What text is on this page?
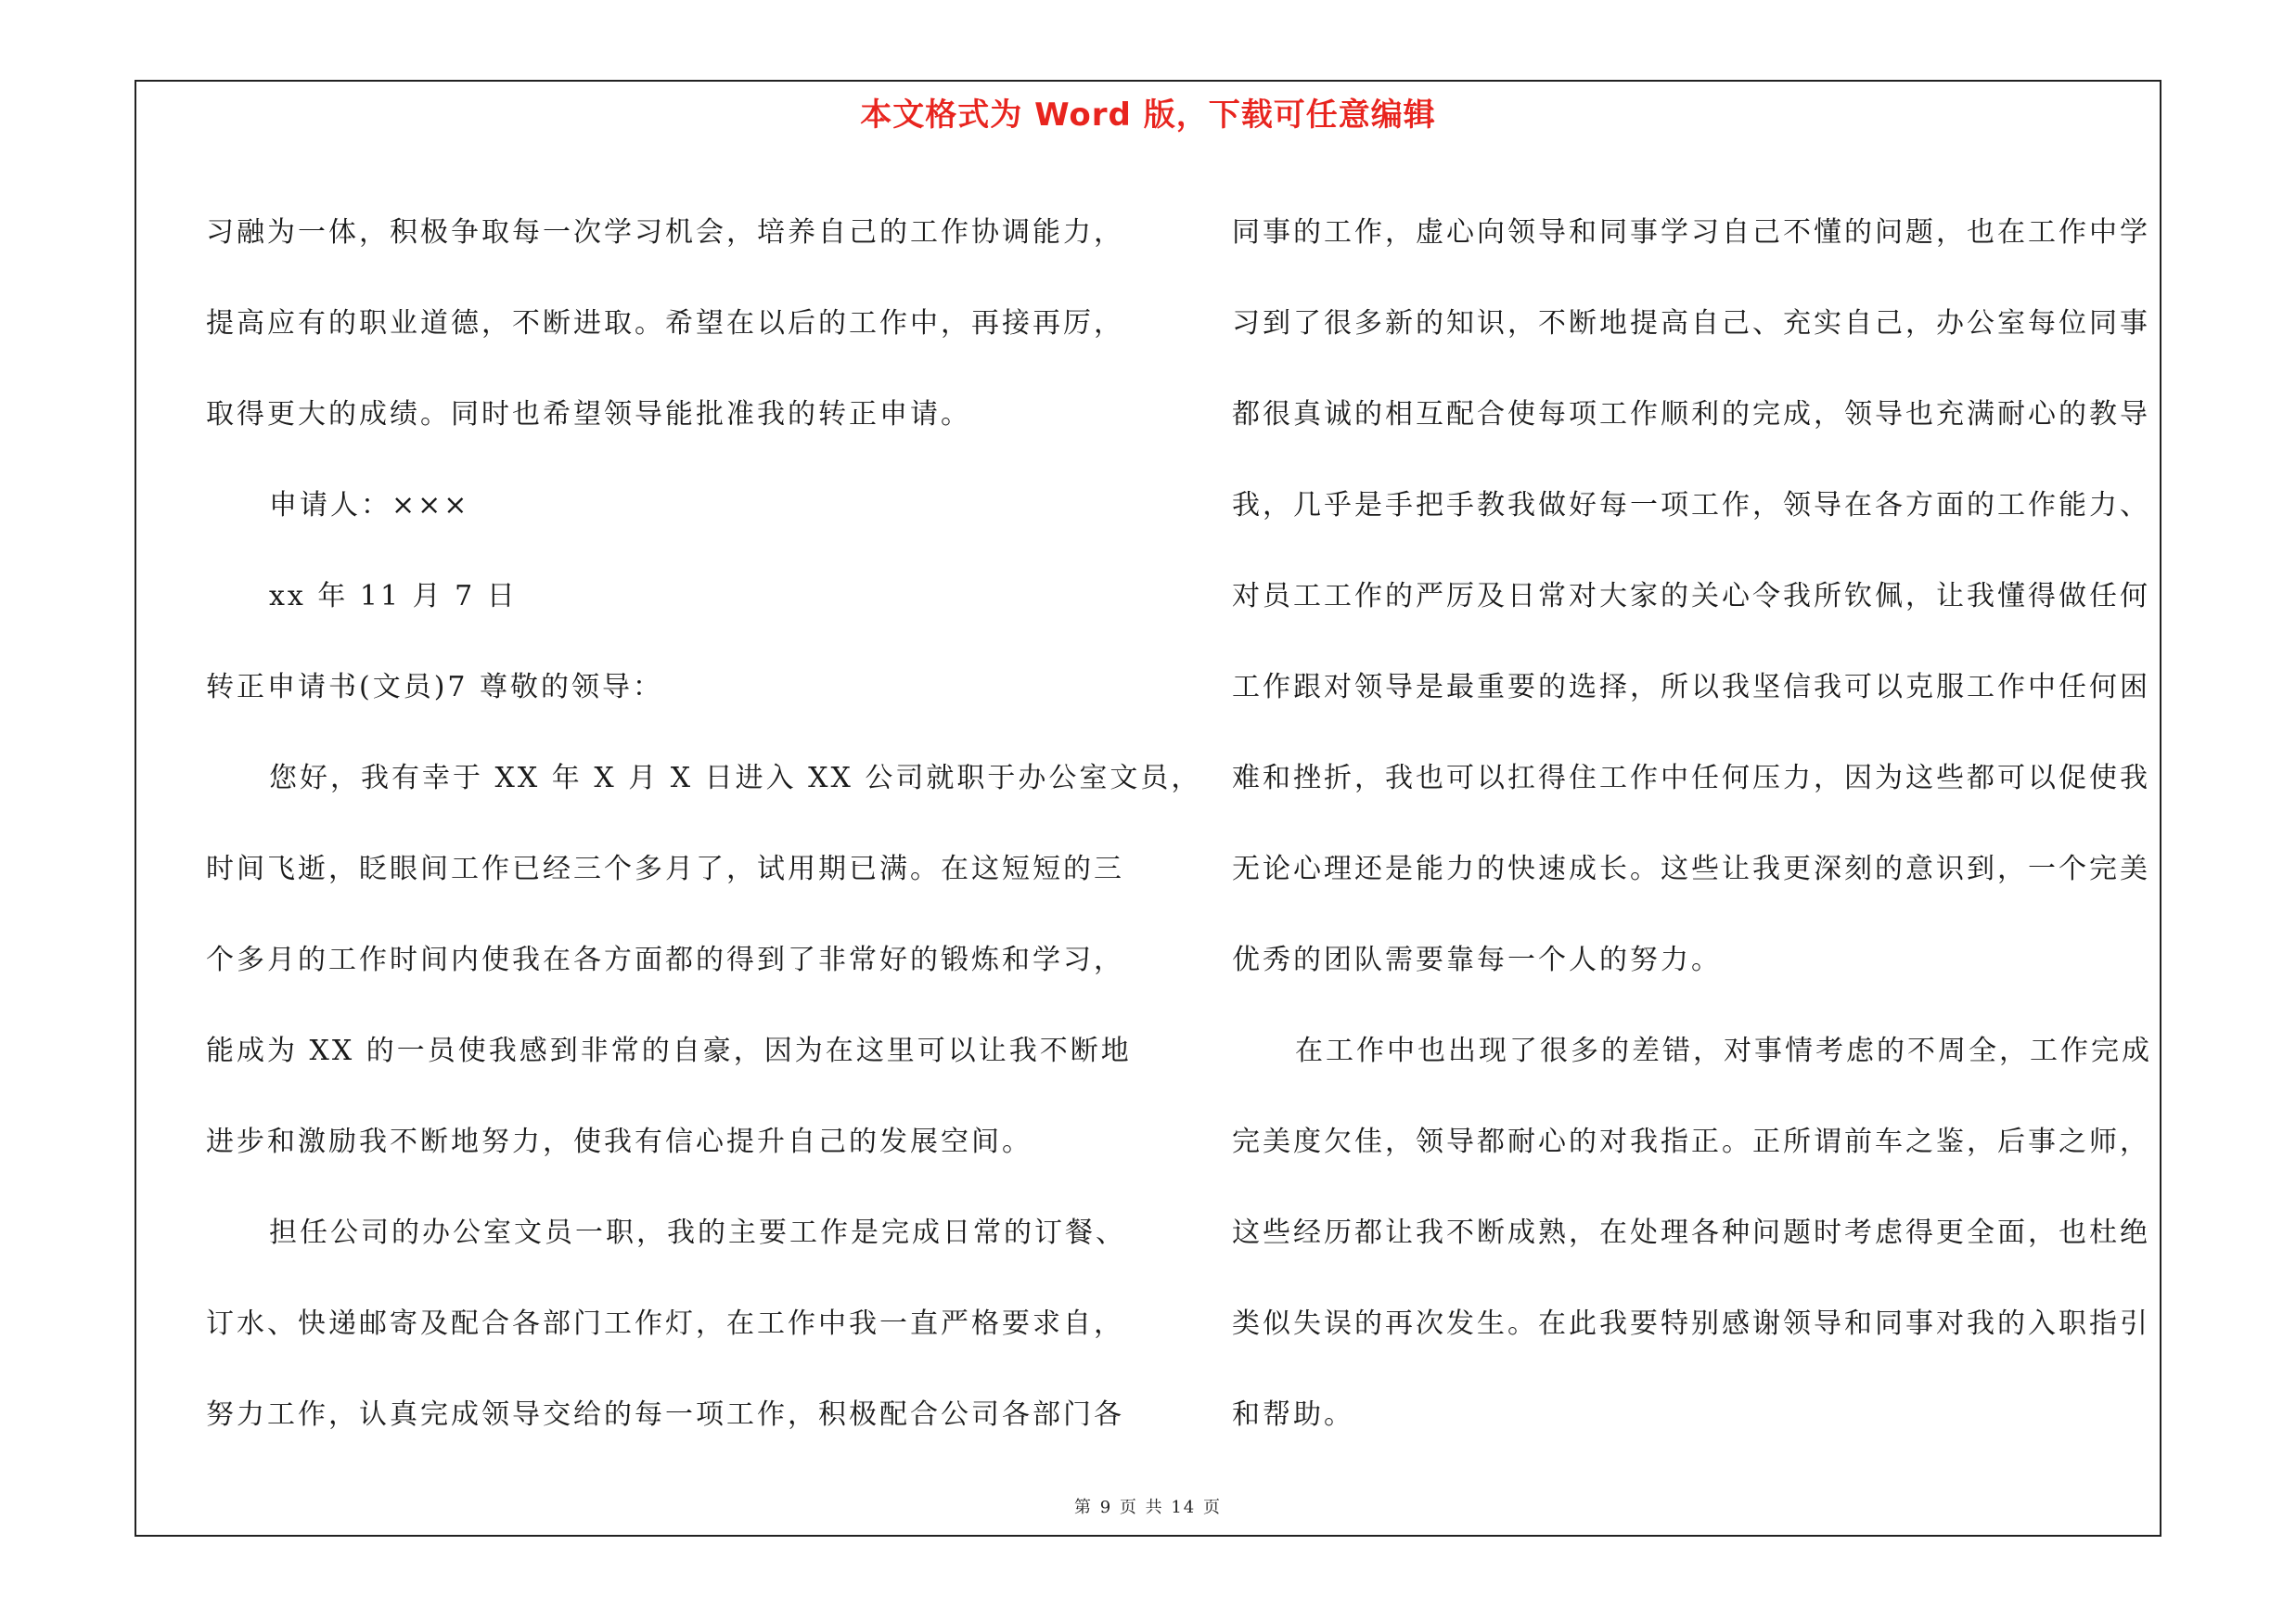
本文格式为 Word 版，下载可任意编辑
习融为一体，积极争取每一次学习机会，培养自己的工作协调能力，
提高应有的职业道德，不断进取。希望在以后的工作中，再接再厉，
取得更大的成绩。同时也希望领导能批准我的转正申请。
申请人：×××
xx 年 11 月 7 日
转正申请书(文员)7 尊敬的领导：
您好，我有幸于 XX 年 X 月 X 日进入 XX 公司就职于办公室文员，
时间飞逝，眨眼间工作已经三个多月了，试用期已满。在这短短的三
个多月的工作时间内使我在各方面都的得到了非常好的锻炼和学习，
能成为 XX 的一员使我感到非常的自豪，因为在这里可以让我不断地
进步和激励我不断地努力，使我有信心提升自己的发展空间。
担任公司的办公室文员一职，我的主要工作是完成日常的订餐、
订水、快递邮寄及配合各部门工作灯，在工作中我一直严格要求自，
努力工作，认真完成领导交给的每一项工作，积极配合公司各部门各
同事的工作，虚心向领导和同事学习自己不懂的问题，也在工作中学
习到了很多新的知识，不断地提高自己、充实自己，办公室每位同事
都很真诚的相互配合使每项工作顺利的完成，领导也充满耐心的教导
我，几乎是手把手教我做好每一项工作，领导在各方面的工作能力、
对员工工作的严厉及日常对大家的关心令我所钦佩，让我懂得做任何
工作跟对领导是最重要的选择，所以我坚信我可以克服工作中任何困
难和挫折，我也可以扛得住工作中任何压力，因为这些都可以促使我
无论心理还是能力的快速成长。这些让我更深刻的意识到，一个完美
优秀的团队需要靠每一个人的努力。
在工作中也出现了很多的差错，对事情考虑的不周全，工作完成
完美度欠佳，领导都耐心的对我指正。正所谓前车之鉴，后事之师，
这些经历都让我不断成熟，在处理各种问题时考虑得更全面，也杜绝
类似失误的再次发生。在此我要特别感谢领导和同事对我的入职指引
和帮助。
第 9 页 共 14 页
